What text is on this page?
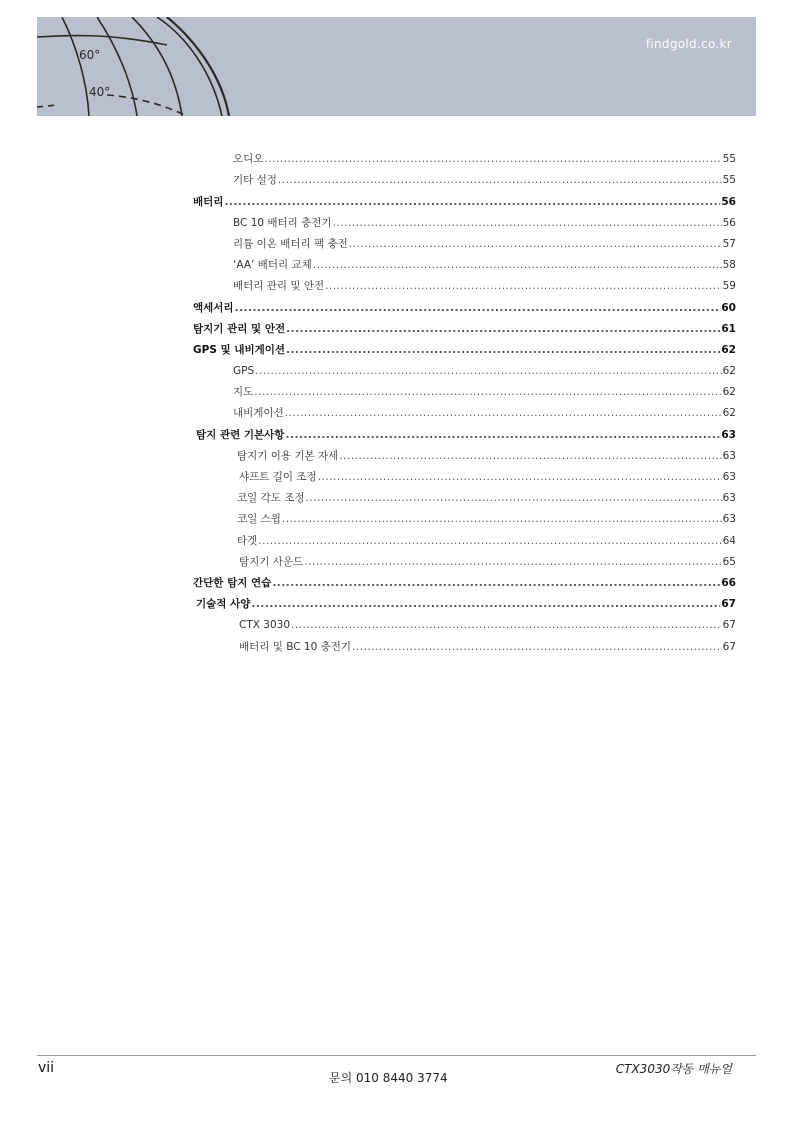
60°
40°
findgold.co.kr
오디오 .....	55
기타 설정 .....	55
배터리 .....	56
BC 10 배터리 충전기 .....	56
리튬 이온 배터리 팩 충전 .....	57
‘AA’ 배터리 교체 .....	58
배터리 관리 및 안전 .....	59
액세서리 .....	60
탐지기 관리 및 안전 .....	61
GPS 및 내비게이션 .....	62
GPS .....	62
지도 .....	62
내비게이션 .....	62
탐지 관련 기본사항 .....	63
탐지기 이용 기본 자세 .....	63
샤프트 길이 조정 .....	63
코일 각도 조정 .....	63
코일 스윕 .....	63
타겟 .....	64
탐지기 사운드 .....	65
간단한 탐지 연습 .....	66
기술적 사양 .....	67
CTX 3030 .....	67
배터리 및 BC 10 충전기 .....	67
vii
문의 010 8440 3774
CTX3030작동 매뉴얼
